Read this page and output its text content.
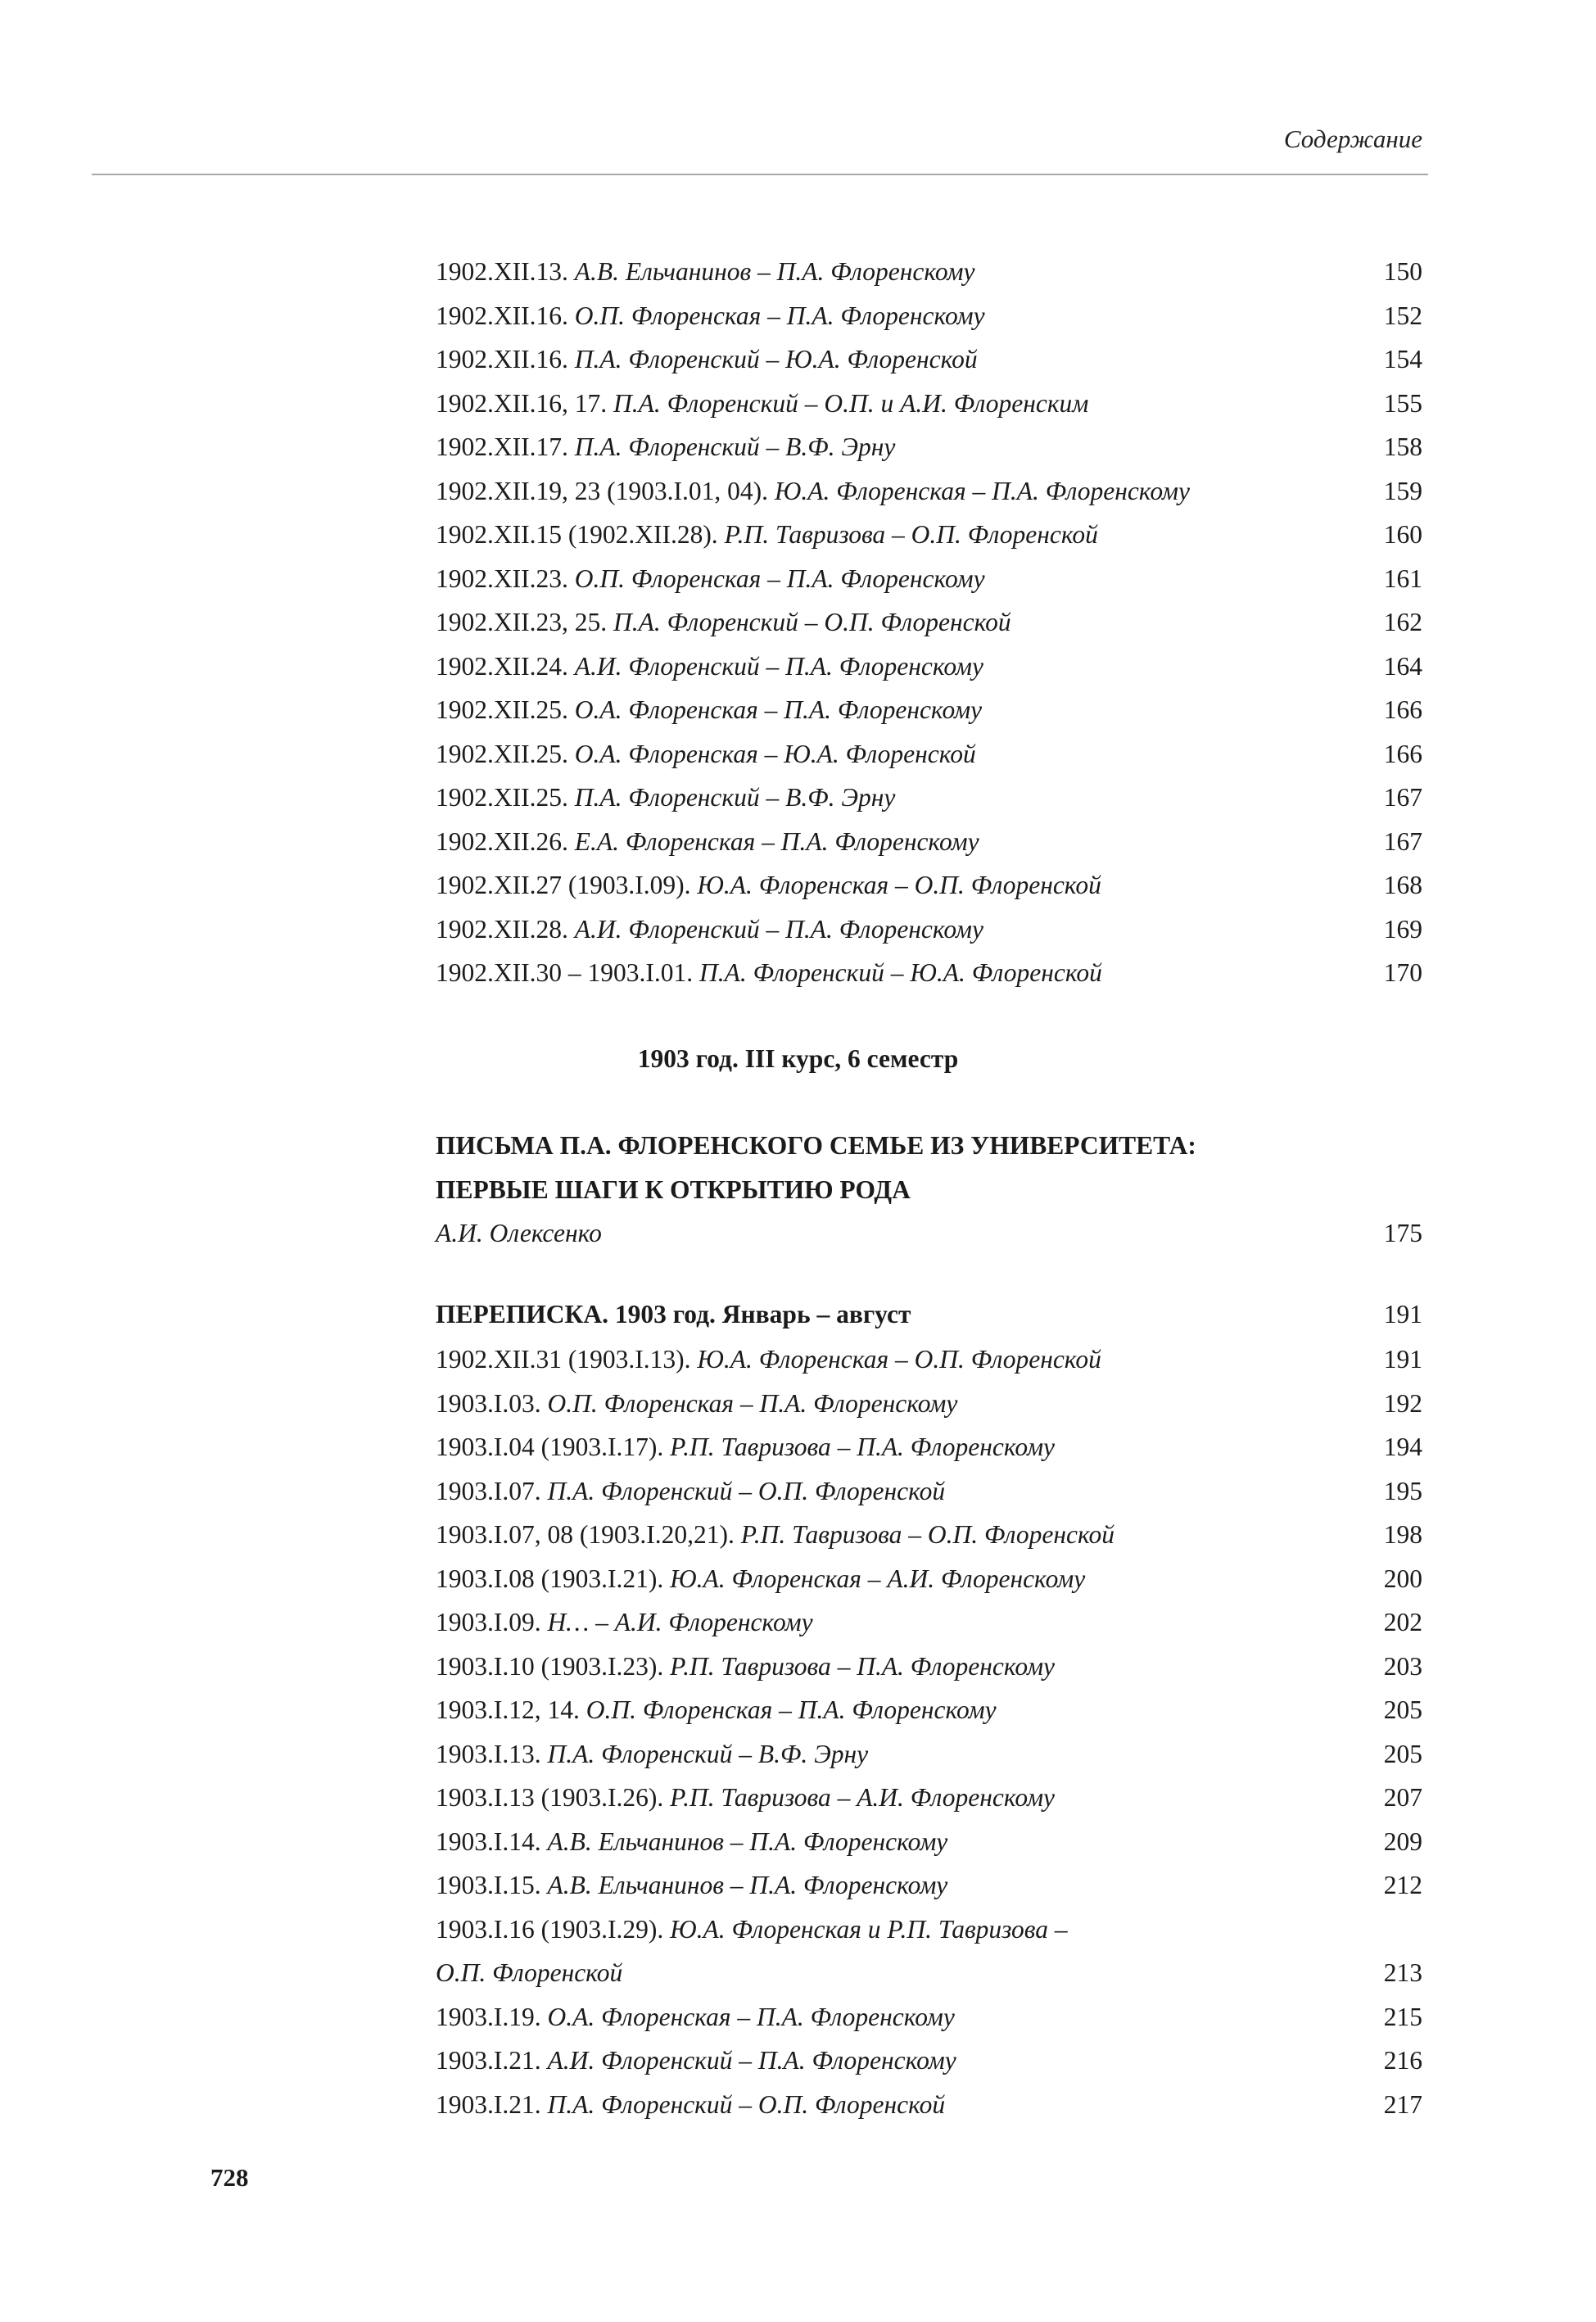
Содержание
1902.XII.13. А.В. Ельчанинов – П.А. Флоренскому	150
1902.XII.16. О.П. Флоренская – П.А. Флоренскому	152
1902.XII.16. П.А. Флоренский – Ю.А. Флоренской	154
1902.XII.16, 17. П.А. Флоренский – О.П. и А.И. Флоренским	155
1902.XII.17. П.А. Флоренский – В.Ф. Эрну	158
1902.XII.19, 23 (1903.I.01, 04). Ю.А. Флоренская – П.А. Флоренскому	159
1902.XII.15 (1902.XII.28). Р.П. Тавризова – О.П. Флоренской	160
1902.XII.23. О.П. Флоренская – П.А. Флоренскому	161
1902.XII.23, 25. П.А. Флоренский – О.П. Флоренской	162
1902.XII.24. А.И. Флоренский – П.А. Флоренскому	164
1902.XII.25. О.А. Флоренская – П.А. Флоренскому	166
1902.XII.25. О.А. Флоренская – Ю.А. Флоренской	166
1902.XII.25. П.А. Флоренский – В.Ф. Эрну	167
1902.XII.26. Е.А. Флоренская – П.А. Флоренскому	167
1902.XII.27 (1903.I.09). Ю.А. Флоренская – О.П. Флоренской	168
1902.XII.28. А.И. Флоренский – П.А. Флоренскому	169
1902.XII.30 – 1903.I.01. П.А. Флоренский – Ю.А. Флоренской	170
1903 год. III курс, 6 семестр
ПИСЬМА П.А. ФЛОРЕНСКОГО СЕМЬЕ ИЗ УНИВЕРСИТЕТА:
ПЕРВЫЕ ШАГИ К ОТКРЫТИЮ РОДА
А.И. Олексенко	175
ПЕРЕПИСКА. 1903 год. Январь – август	191
1902.XII.31 (1903.I.13). Ю.А. Флоренская – О.П. Флоренской	191
1903.I.03. О.П. Флоренская – П.А. Флоренскому	192
1903.I.04 (1903.I.17). Р.П. Тавризова – П.А. Флоренскому	194
1903.I.07. П.А. Флоренский – О.П. Флоренской	195
1903.I.07, 08 (1903.I.20,21). Р.П. Тавризова – О.П. Флоренской	198
1903.I.08 (1903.I.21). Ю.А. Флоренская – А.И. Флоренскому	200
1903.I.09. Н… – А.И. Флоренскому	202
1903.I.10 (1903.I.23). Р.П. Тавризова – П.А. Флоренскому	203
1903.I.12, 14. О.П. Флоренская – П.А. Флоренскому	205
1903.I.13. П.А. Флоренский – В.Ф. Эрну	205
1903.I.13 (1903.I.26). Р.П. Тавризова – А.И. Флоренскому	207
1903.I.14. А.В. Ельчанинов – П.А. Флоренскому	209
1903.I.15. А.В. Ельчанинов – П.А. Флоренскому	212
1903.I.16 (1903.I.29). Ю.А. Флоренская и Р.П. Тавризова –
О.П. Флоренской	213
1903.I.19. О.А. Флоренская – П.А. Флоренскому	215
1903.I.21. А.И. Флоренский – П.А. Флоренскому	216
1903.I.21. П.А. Флоренский – О.П. Флоренской	217
728
